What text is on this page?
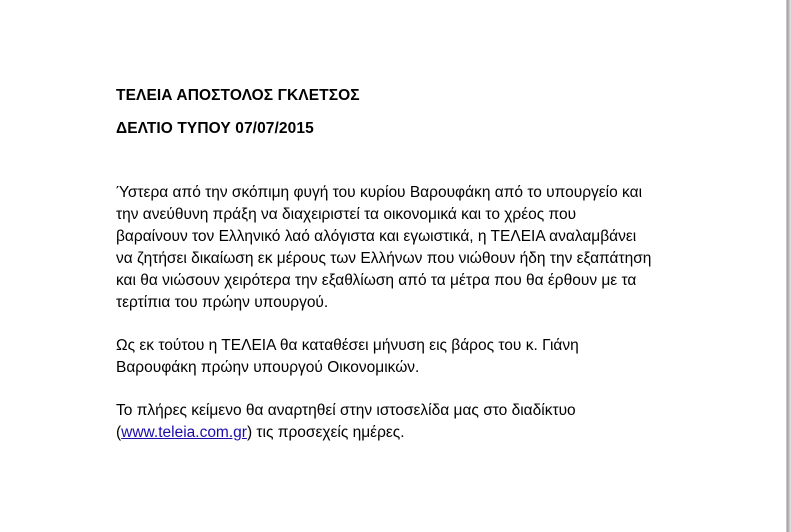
ΤΕΛΕΙΑ ΑΠΟΣΤΟΛΟΣ ΓΚΛΕΤΣΟΣ
ΔΕΛΤΙΟ ΤΥΠΟΥ 07/07/2015
Ύστερα από την σκόπιμη φυγή του κυρίου Βαρουφάκη από το υπουργείο και
την ανεύθυνη πράξη να διαχειριστεί τα οικονομικά και το χρέος που
βαραίνουν τον Ελληνικό λαό αλόγιστα και εγωιστικά, η ΤΕΛΕΙΑ αναλαμβάνει
να ζητήσει δικαίωση εκ μέρους των Ελλήνων που νιώθουν ήδη την εξαπάτηση
και θα νιώσουν χειρότερα την εξαθλίωση από τα μέτρα που θα έρθουν με τα
τερτίπια του πρώην υπουργού.
Ως εκ τούτου η ΤΕΛΕΙΑ θα καταθέσει μήνυση εις βάρος του κ. Γιάνη
Βαρουφάκη πρώην υπουργού Οικονομικών.
Το πλήρες κείμενο θα αναρτηθεί στην ιστοσελίδα μας στο διαδίκτυο
(www.teleia.com.gr) τις προσεχείς ημέρες.
